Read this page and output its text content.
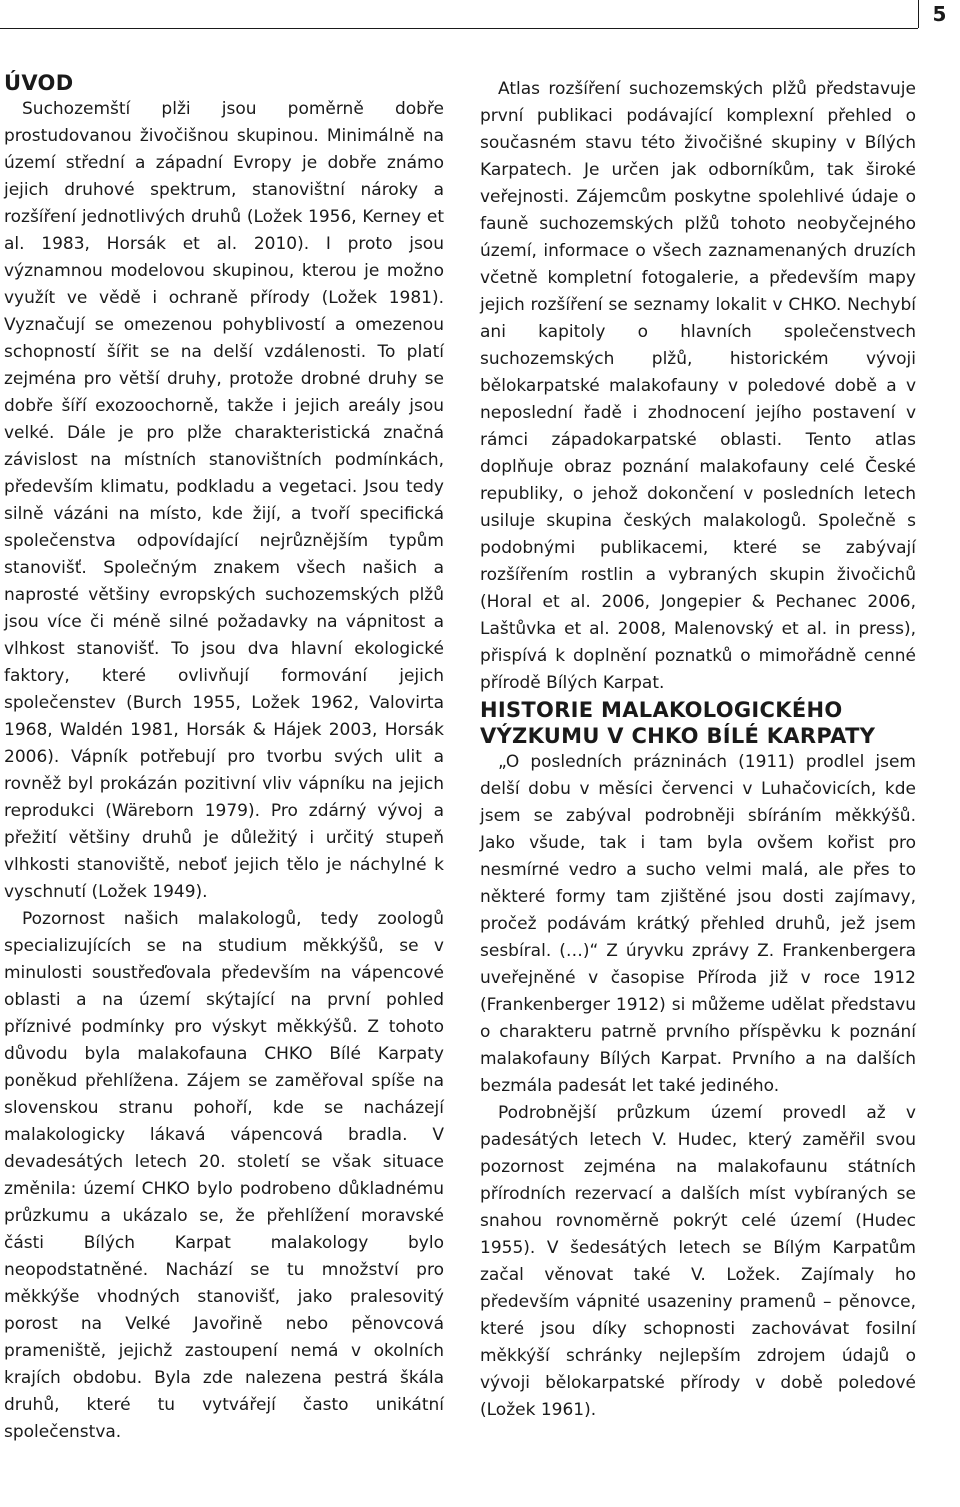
5
ÚVOD

Suchozemští plži jsou poměrně dobře prostudovanou živočišnou skupinou. Minimálně na území střední a západní Evropy je dobře známo jejich druhové spektrum, stanovištní nároky a rozšíření jednotlivých druhů (Ložek 1956, Kerney et al. 1983, Horsák et al. 2010). I proto jsou významnou modelovou skupinou, kterou je možno využít ve vědě i ochraně přírody (Ložek 1981). Vyznačují se omezenou pohyblivostí a omezenou schopností šířit se na delší vzdálenosti. To platí zejména pro větší druhy, protože drobné druhy se dobře šíří exozoochorně, takže i jejich areály jsou velké. Dále je pro plže charakteristická značná závislost na místních stanovištních podmínkách, především klimatu, podkladu a vegetaci. Jsou tedy silně vázáni na místo, kde žijí, a tvoří specifická společenstva odpovídající nejrůznějším typům stanovišť. Společným znakem všech našich a naprosté většiny evropských suchozemských plžů jsou více či méně silné požadavky na vápnitost a vlhkost stanovišť. To jsou dva hlavní ekologické faktory, které ovlivňují formování jejich společenstev (Burch 1955, Ložek 1962, Valovirta 1968, Waldén 1981, Horsák & Hájek 2003, Horsák 2006). Vápník potřebují pro tvorbu svých ulit a rovněž byl prokázán pozitivní vliv vápníku na jejich reprodukci (Wäreborn 1979). Pro zdárný vývoj a přežití většiny druhů je důležitý i určitý stupeň vlhkosti stanoviště, neboť jejich tělo je náchylné k vyschnutí (Ložek 1949).

Pozornost našich malakologů, tedy zoologů specializujících se na studium měkkýšů, se v minulosti soustřeďovala především na vápencové oblasti a na území skýtající na první pohled příznivé podmínky pro výskyt měkkýšů. Z tohoto důvodu byla malakofauna CHKO Bílé Karpaty poněkud přehlížena. Zájem se zaměřoval spíše na slovenskou stranu pohoří, kde se nacházejí malakologicky lákavá vápencová bradla. V devadesátých letech 20. století se však situace změnila: území CHKO bylo podrobeno důkladnému průzkumu a ukázalo se, že přehlížení moravské části Bílých Karpat malakology bylo neopodstatněné. Nachází se tu množství pro měkkýše vhodných stanovišť, jako pralesovitý porost na Velké Javořině nebo pěnovcová prameniště, jejichž zastoupení nemá v okolních krajích obdobu. Byla zde nalezena pestrá škála druhů, které tu vytvářejí často unikátní společenstva.

Atlas rozšíření suchozemských plžů představuje první publikaci podávající komplexní přehled o současném stavu této živočišné skupiny v Bílých Karpatech. Je určen jak odborníkům, tak široké veřejnosti. Zájemcům poskytne spolehlivé údaje o fauně suchozemských plžů tohoto neobyčejného území, informace o všech zaznamenaných druzích včetně kompletní fotogalerie, a především mapy jejich rozšíření se seznamy lokalit v CHKO. Nechybí ani kapitoly o hlavních společenstvech suchozemských plžů, historickém vývoji bělokarpatské malakofauny v poledové době a v neposlední řadě i zhodnocení jejího postavení v rámci západokarpatské oblasti. Tento atlas doplňuje obraz poznání malakofauny celé České republiky, o jehož dokončení v posledních letech usiluje skupina českých malakologů. Společně s podobnými publikacemi, které se zabývají rozšířením rostlin a vybraných skupin živočichů (Horal et al. 2006, Jongepier & Pechanec 2006, Laštůvka et al. 2008, Malenovský et al. in press), přispívá k doplnění poznatků o mimořádně cenné přírodě Bílých Karpat.

HISTORIE MALAKOLOGICKÉHO VÝZKUMU V CHKO BÍLÉ KARPATY

„O posledních prázninách (1911) prodlel jsem delší dobu v měsíci červenci v Luhačovicích, kde jsem se zabýval podrobněji sbíráním měkkýšů. Jako všude, tak i tam byla ovšem kořist pro nesmírné vedro a sucho velmi malá, ale přes to některé formy tam zjištěné jsou dosti zajímavy, pročež podávám krátký přehled druhů, jež jsem sesbíral. (…)“ Z úryvku zprávy Z. Frankenbergera uveřejněné v časopise Příroda již v roce 1912 (Frankenberger 1912) si můžeme udělat představu o charakteru patrně prvního příspěvku k poznání malakofauny Bílých Karpat. Prvního a na dalších bezmála padesát let také jediného.

Podrobnější průzkum území provedl až v padesátých letech V. Hudec, který zaměřil svou pozornost zejména na malakofaunu státních přírodních rezervací a dalších míst vybíraných se snahou rovnoměrně pokrýt celé území (Hudec 1955). V šedesátých letech se Bílým Karpatům začal věnovat také V. Ložek. Zajímaly ho především vápnité usazeniny pramenů – pěnovce, které jsou díky schopnosti zachovávat fosilní měkkýší schránky nejlepším zdrojem údajů o vývoji bělokarpatské přírody v době poledové (Ložek 1961).
